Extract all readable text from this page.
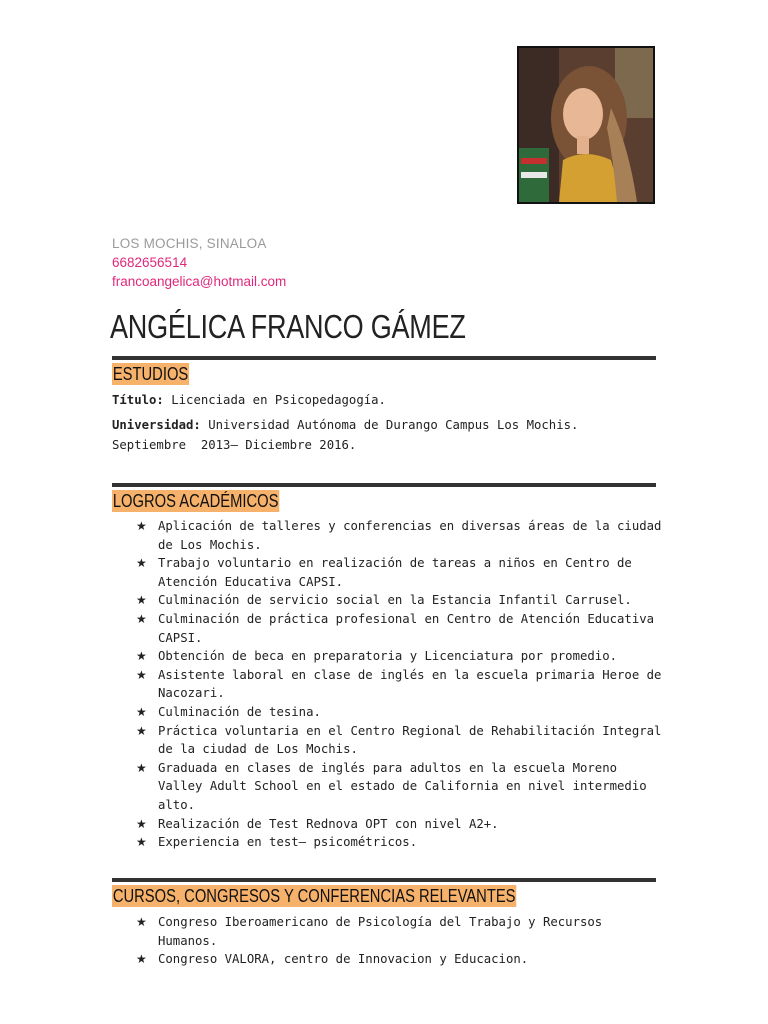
LOS MOCHIS, SINALOA
6682656514
francoangelica@hotmail.com
ANGÉLICA FRANCO GÁMEZ
ESTUDIOS
Título: Licenciada en Psicopedagogía.
Universidad: Universidad Autónoma de Durango Campus Los Mochis.
Septiembre  2013– Diciembre 2016.
LOGROS ACADÉMICOS
★ Aplicación de talleres y conferencias en diversas áreas de la ciudad de Los Mochis.
★ Trabajo voluntario en realización de tareas a niños en Centro de Atención Educativa CAPSI.
★ Culminación de servicio social en la Estancia Infantil Carrusel.
★ Culminación de práctica profesional en Centro de Atención Educativa CAPSI.
★ Obtención de beca en preparatoria y Licenciatura por promedio.
★ Asistente laboral en clase de inglés en la escuela primaria Heroe de Nacozari.
★ Culminación de tesina.
★ Práctica voluntaria en el Centro Regional de Rehabilitación Integral de la ciudad de Los Mochis.
★ Graduada en clases de inglés para adultos en la escuela Moreno Valley Adult School en el estado de California en nivel intermedio alto.
★ Realización de Test Rednova OPT con nivel A2+.
★ Experiencia en test– psicométricos.
CURSOS, CONGRESOS Y CONFERENCIAS RELEVANTES
★ Congreso Iberoamericano de Psicología del Trabajo y Recursos Humanos.
★ Congreso VALORA, centro de Innovacion y Educacion.
